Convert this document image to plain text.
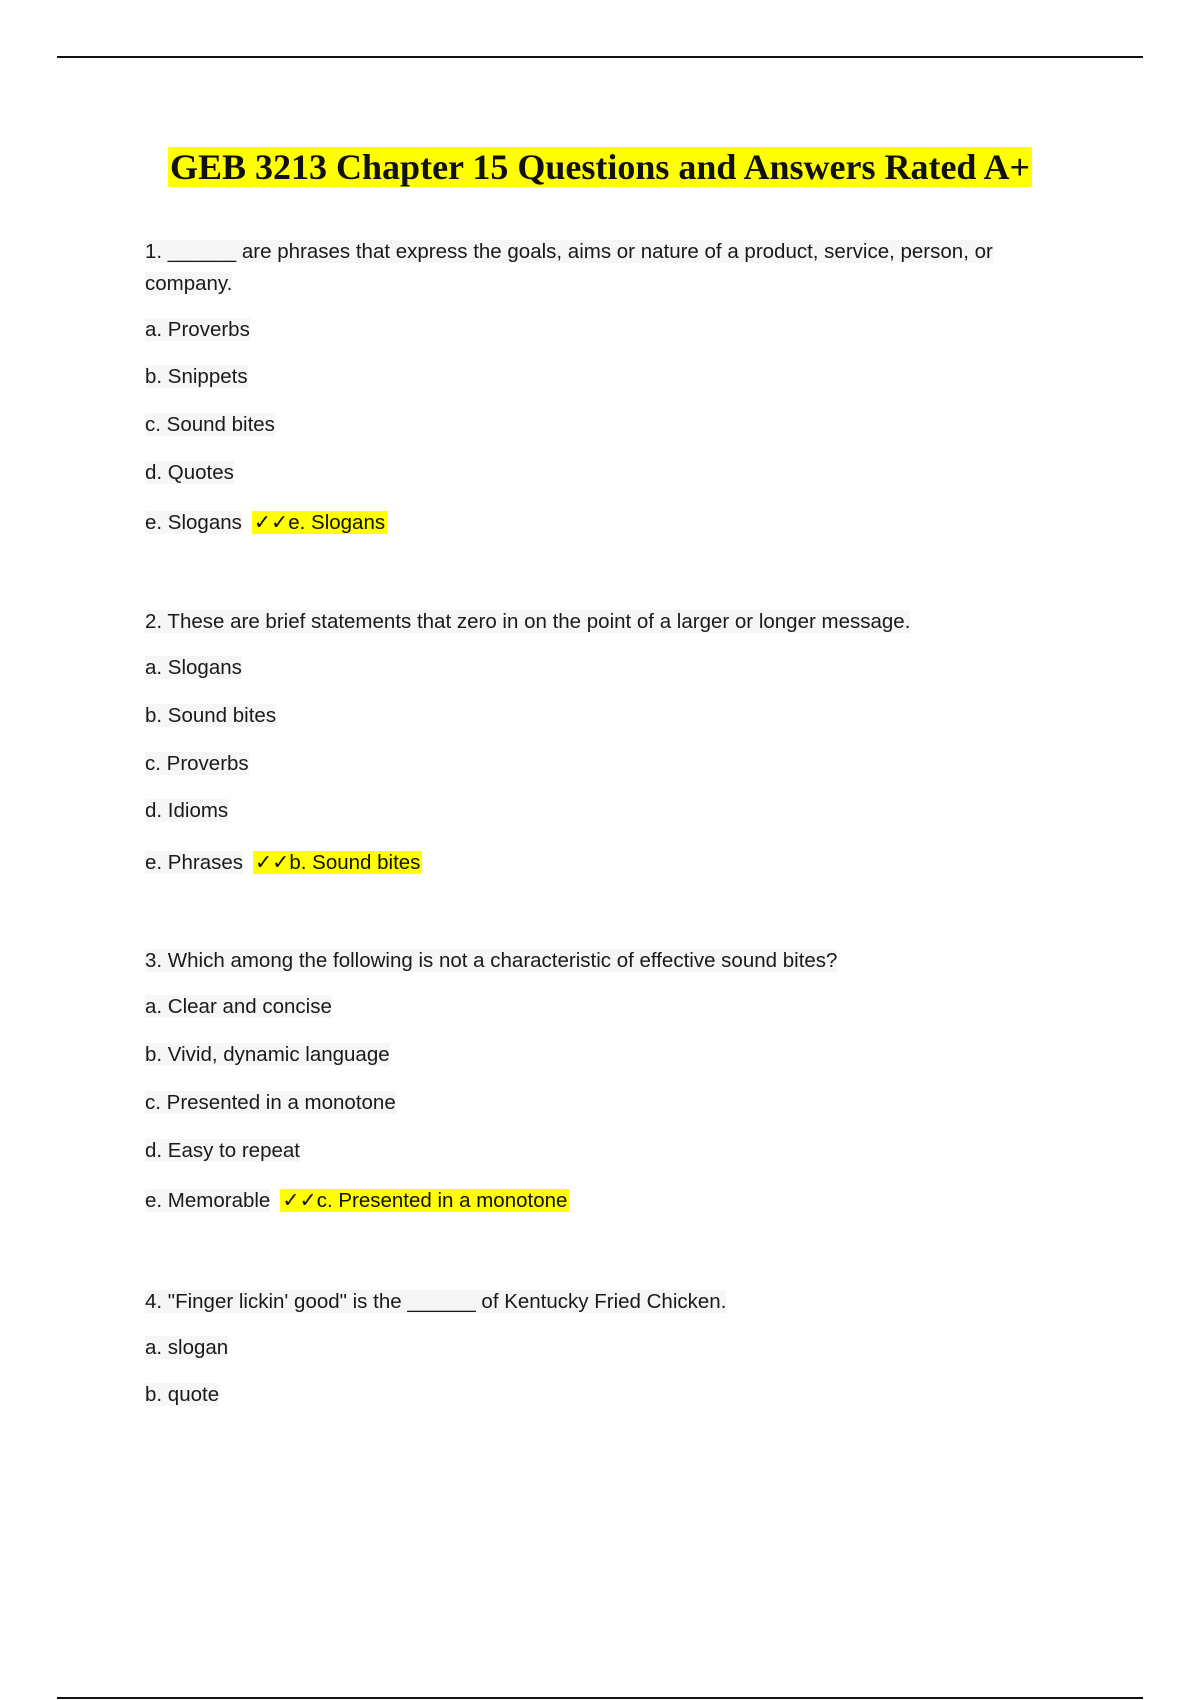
GEB 3213 Chapter 15 Questions and Answers Rated A+
1. ______ are phrases that express the goals, aims or nature of a product, service, person, or company.
a. Proverbs
b. Snippets
c. Sound bites
d. Quotes
e. Slogans ✓✓e. Slogans
2. These are brief statements that zero in on the point of a larger or longer message.
a. Slogans
b. Sound bites
c. Proverbs
d. Idioms
e. Phrases ✓✓b. Sound bites
3. Which among the following is not a characteristic of effective sound bites?
a. Clear and concise
b. Vivid, dynamic language
c. Presented in a monotone
d. Easy to repeat
e. Memorable ✓✓c. Presented in a monotone
4. "Finger lickin' good" is the ______ of Kentucky Fried Chicken.
a. slogan
b. quote
